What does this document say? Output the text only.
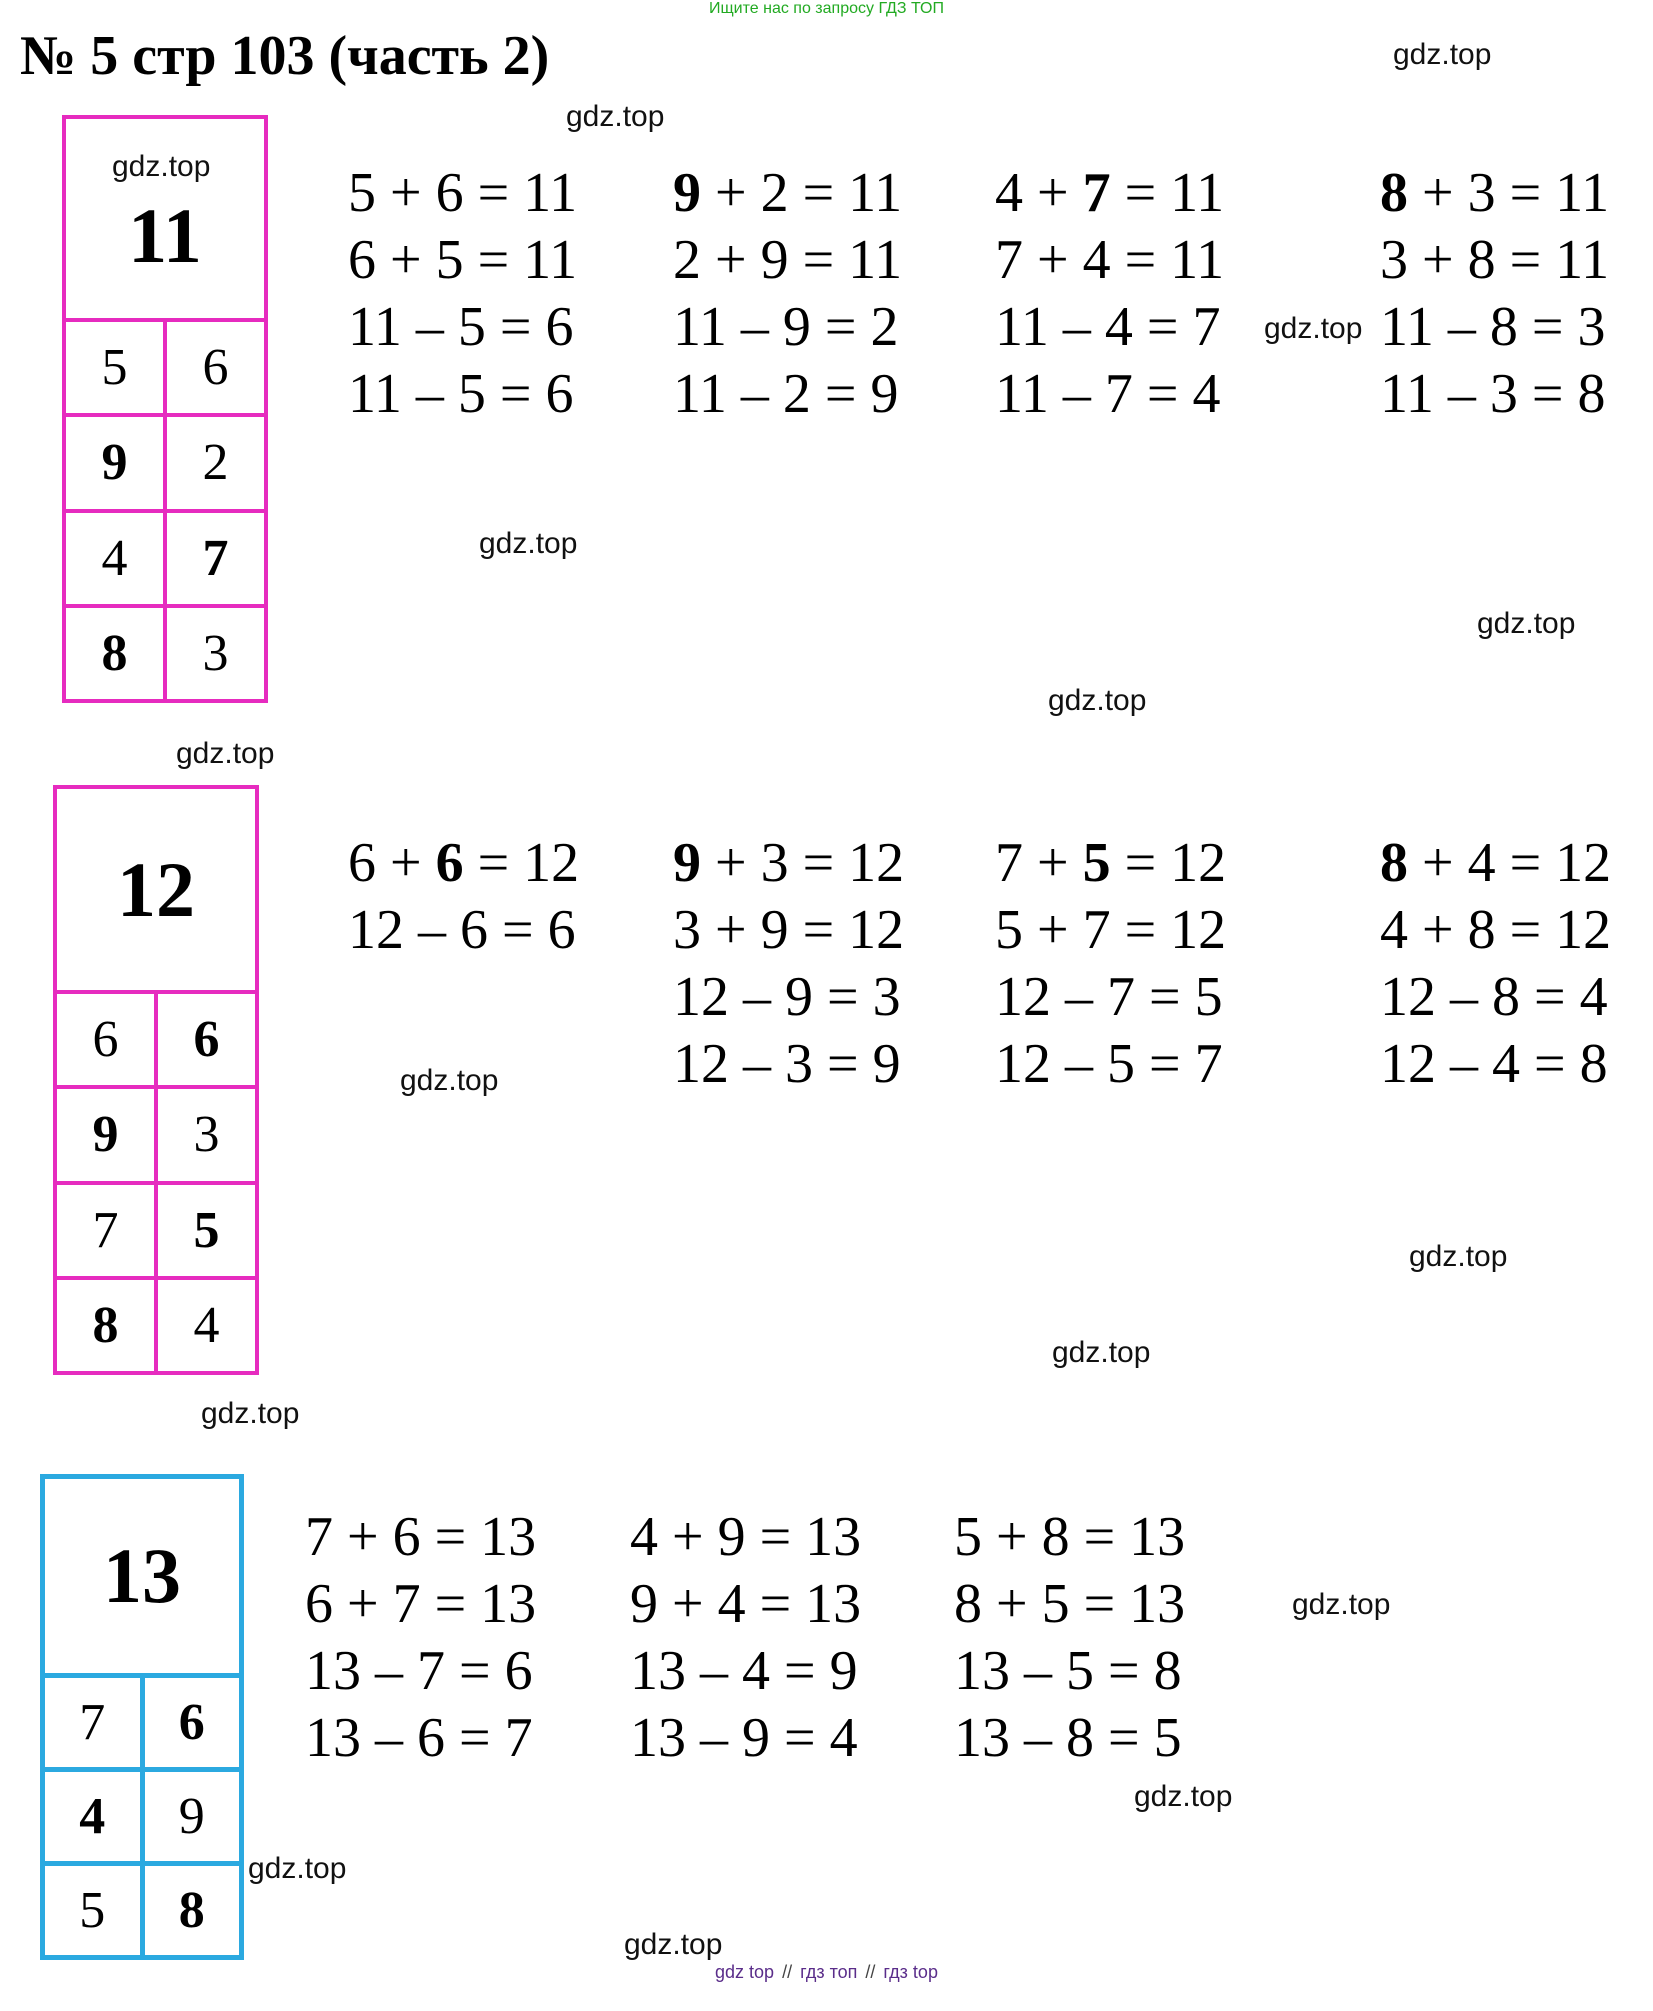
Ищите нас по запросу ГДЗ ТОП
№ 5 стр 103 (часть 2)	gdz.top
gdz.top
gdz.top
gdz.top
gdz.top
gdz.top
gdz.top
gdz.top
gdz.top
gdz.top
gdz.top
gdz.top
gdz.top
gdz.top
gdz.top
gdz.top
11
5	6
9	2
4	7
8	3
5 + 6 = 11
6 + 5 = 11
11 – 5 = 6
11 – 5 = 6
9 + 2 = 11
2 + 9 = 11
11 – 9 = 2
11 – 2 = 9
4 + 7 = 11
7 + 4 = 11
11 – 4 = 7
11 – 7 = 4
8 + 3 = 11
3 + 8 = 11
11 – 8 = 3
11 – 3 = 8
12
6	6
9	3
7	5
8	4
6 + 6 = 12
12 – 6 = 6
9 + 3 = 12
3 + 9 = 12
12 – 9 = 3
12 – 3 = 9
7 + 5 = 12
5 + 7 = 12
12 – 7 = 5
12 – 5 = 7
8 + 4 = 12
4 + 8 = 12
12 – 8 = 4
12 – 4 = 8
13
7	6
4	9
5	8
7 + 6 = 13
6 + 7 = 13
13 – 7 = 6
13 – 6 = 7
4 + 9 = 13
9 + 4 = 13
13 – 4 = 9
13 – 9 = 4
5 + 8 = 13
8 + 5 = 13
13 – 5 = 8
13 – 8 = 5
gdz top // гдз топ // гдз top
